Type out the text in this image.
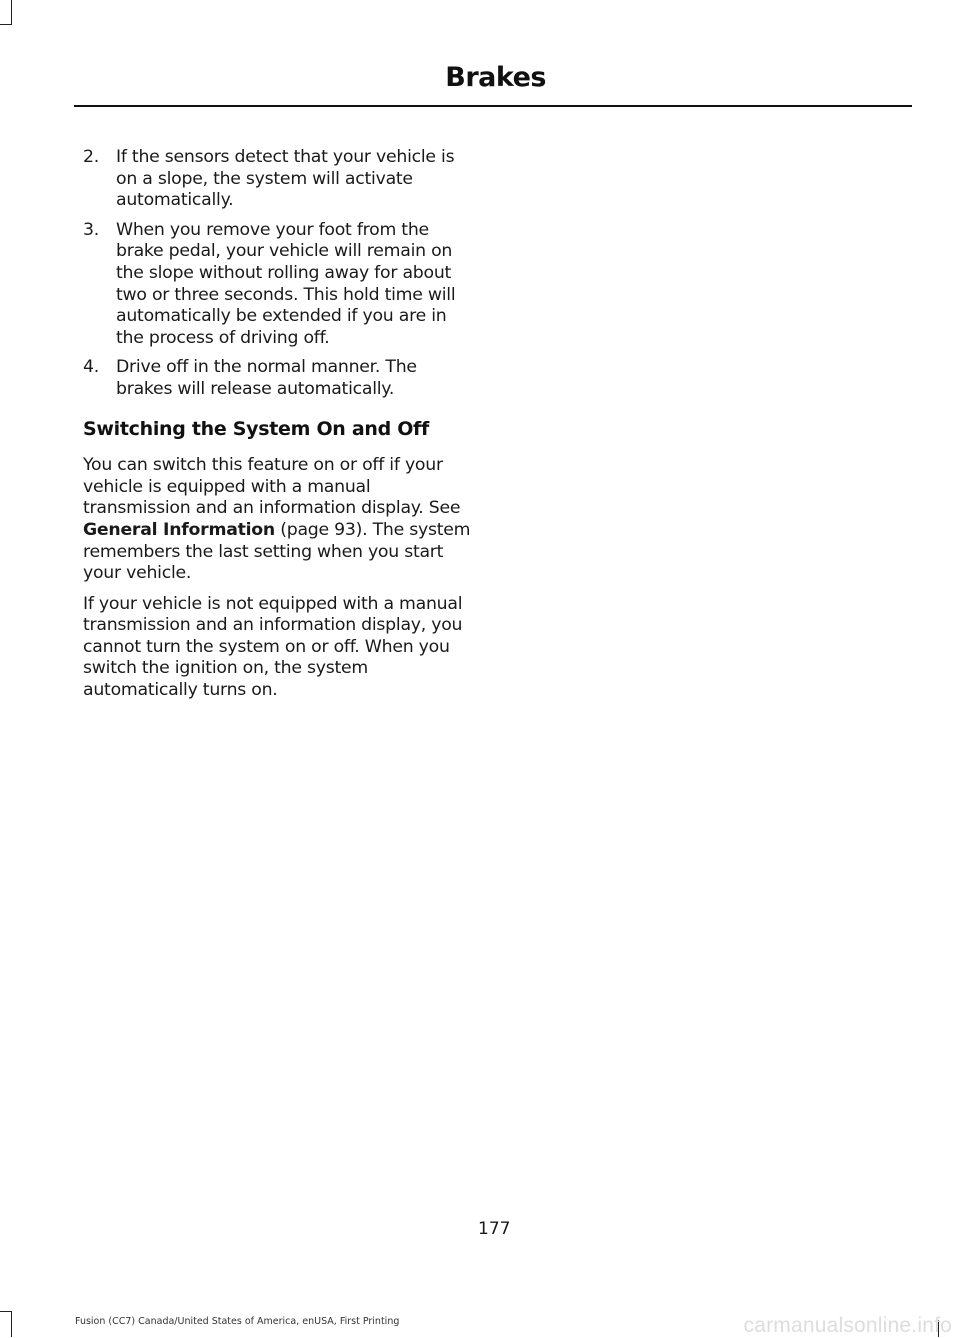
Brakes
2. If the sensors detect that your vehicle is on a slope, the system will activate automatically.
3. When you remove your foot from the brake pedal, your vehicle will remain on the slope without rolling away for about two or three seconds. This hold time will automatically be extended if you are in the process of driving off.
4. Drive off in the normal manner. The brakes will release automatically.
Switching the System On and Off

You can switch this feature on or off if your vehicle is equipped with a manual transmission and an information display. See General Information (page 93). The system remembers the last setting when you start your vehicle.

If your vehicle is not equipped with a manual transmission and an information display, you cannot turn the system on or off. When you switch the ignition on, the system automatically turns on.

177
Fusion (CC7) Canada/United States of America, enUSA, First Printing	carmanualsonline.info
